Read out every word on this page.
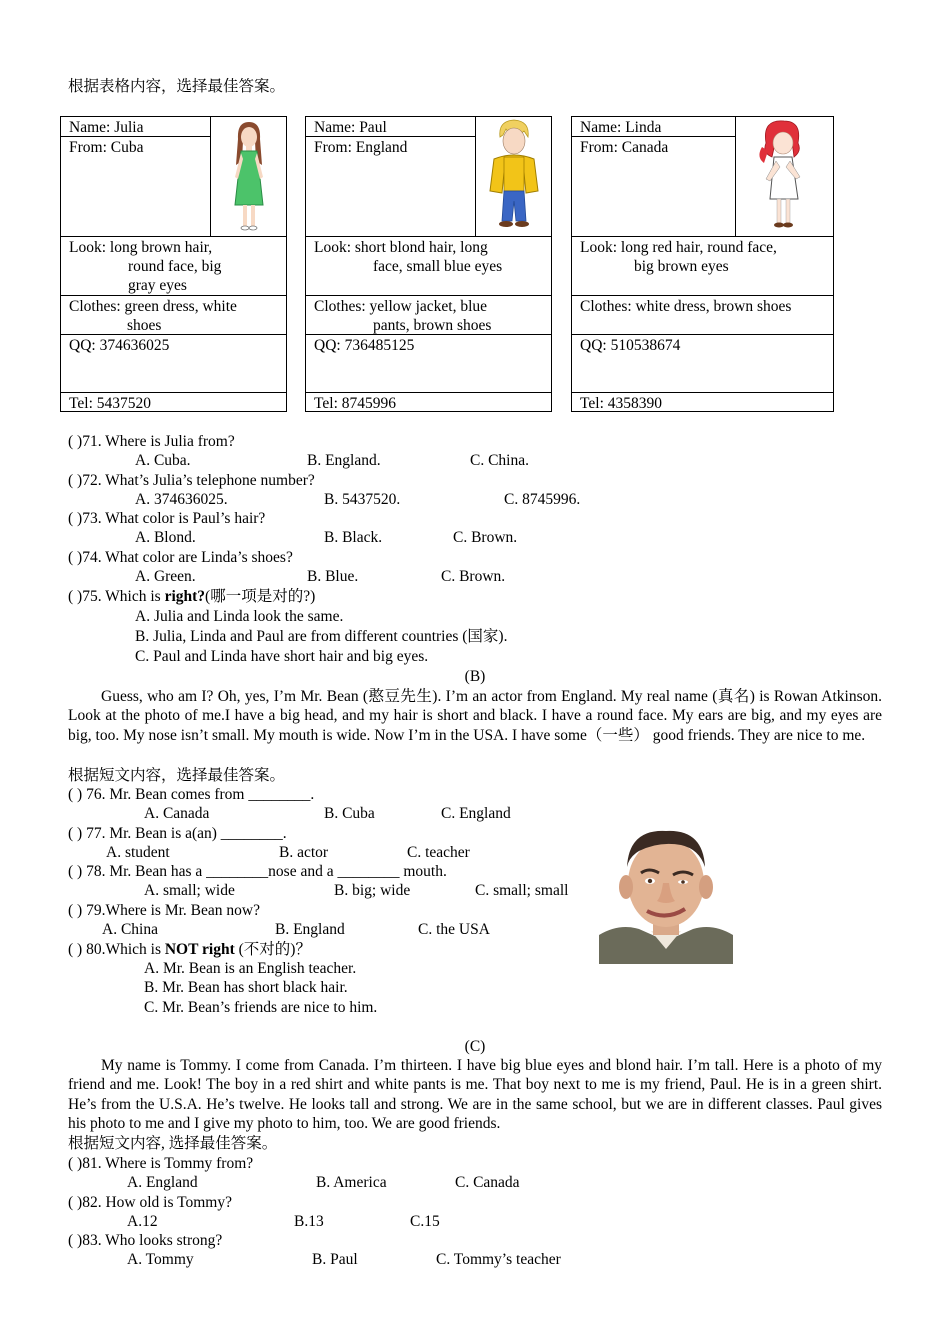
根据表格内容，选择最佳答案。
Name: Julia
From: Cuba
Look: long brown hair,
round face, big
gray eyes
Clothes: green dress, white
shoes
QQ: 374636025
Tel: 5437520
Name: Paul
From: England
Look: short blond hair, long
face, small blue eyes
Clothes: yellow jacket, blue
pants, brown shoes
QQ: 736485125
Tel: 8745996
Name: Linda
From: Canada
Look: long red hair, round face,
big brown eyes
Clothes: white dress, brown shoes
QQ: 510538674
Tel: 4358390
( )71. Where is Julia from?
A. Cuba.	B. England.	C. China.
( )72. What’s Julia’s telephone number?
A. 374636025.	B. 5437520.	C. 8745996.
( )73. What color is Paul’s hair?
A. Blond.	B. Black.	C. Brown.
( )74. What color are Linda’s shoes?
A. Green.	B. Blue.	C. Brown.
( )75. Which is right?(哪一项是对的?)
A. Julia and Linda look the same.
B. Julia, Linda and Paul are from different countries (国家).
C. Paul and Linda have short hair and big eyes.
(B)
Guess, who am I? Oh, yes, I’m Mr. Bean (憨豆先生). I’m an actor from England. My real name (真名) is Rowan Atkinson. Look at the photo of me.I have a big head, and my hair is short and black. I have a round face. My ears are big, and my eyes are big, too. My nose isn’t small. My mouth is wide. Now I’m in the USA. I have some（一些） good friends. They are nice to me.
根据短文内容，选择最佳答案。
( ) 76. Mr. Bean comes from ________.
A. Canada	B. Cuba	C. England
( ) 77. Mr. Bean is a(an) ________.
A. student	B. actor	C. teacher
( ) 78. Mr. Bean has a ________nose and a ________ mouth.
A. small; wide	B. big; wide	C. small; small
( ) 79.Where is Mr. Bean now?
A. China	B. England	C. the USA
( ) 80.Which is NOT right (不对的)？
A. Mr. Bean is an English teacher.
B. Mr. Bean has short black hair.
C. Mr. Bean’s friends are nice to him.
(C)
My name is Tommy. I come from Canada. I’m thirteen. I have big blue eyes and blond hair. I’m tall. Here is a photo of my friend and me. Look! The boy in a red shirt and white pants is me. That boy next to me is my friend, Paul. He is in a green shirt. He’s from the U.S.A. He’s twelve. He looks tall and strong. We are in the same school, but we are in different classes. Paul gives his photo to me and I give my photo to him, too. We are good friends.
根据短文内容, 选择最佳答案。
( )81. Where is Tommy from?
A. England	B. America	C. Canada
( )82. How old is Tommy?
A.12	B.13	C.15
( )83. Who looks strong?
A. Tommy	B. Paul	C. Tommy’s teacher
